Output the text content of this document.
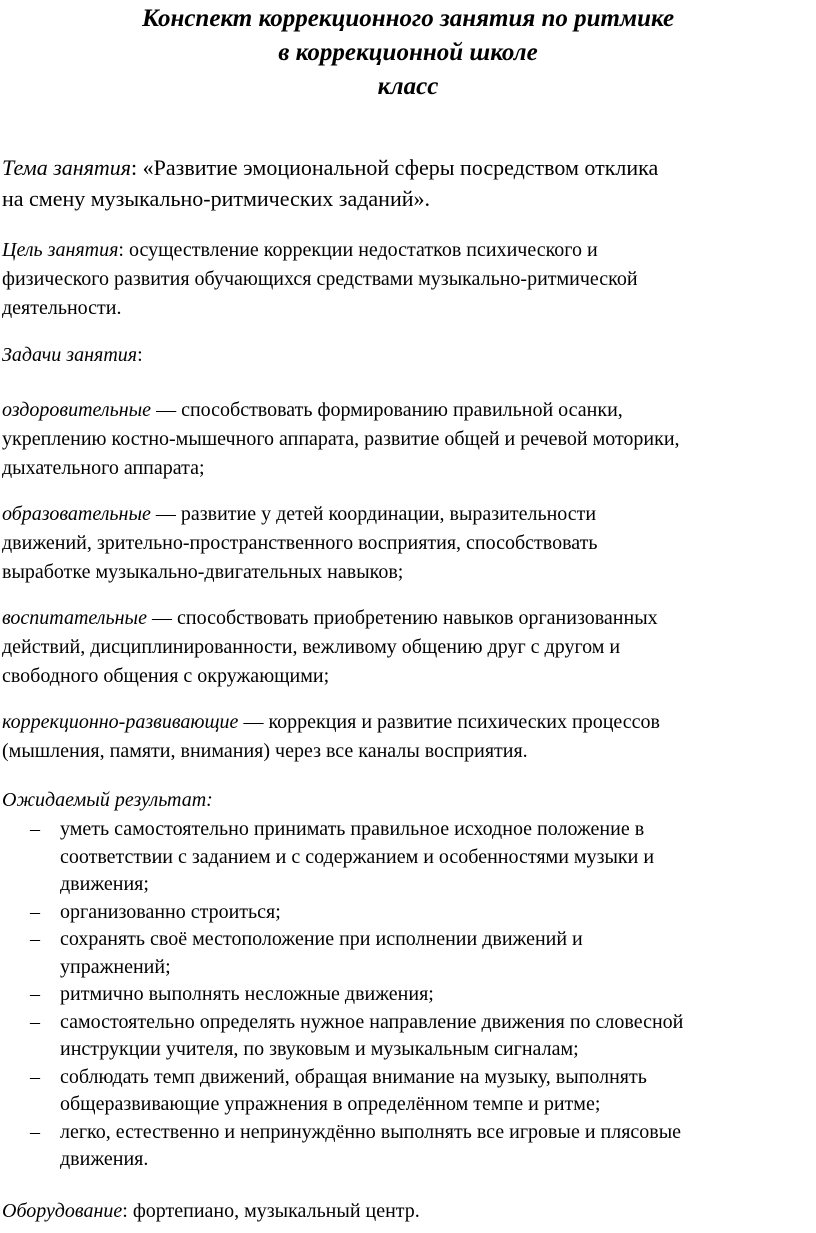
Конспект коррекционного занятия по ритмике
в коррекционной школе
класс
Тема занятия: «Развитие эмоциональной сферы посредством отклика
на смену музыкально-ритмических заданий».
Цель занятия: осуществление коррекции недостатков психического и
физического развития обучающихся средствами музыкально-ритмической
деятельности.
Задачи занятия:
оздоровительные — способствовать формированию правильной осанки,
укреплению костно-мышечного аппарата, развитие общей и речевой моторики,
дыхательного аппарата;
образовательные — развитие у детей координации, выразительности
движений, зрительно-пространственного восприятия, способствовать
выработке музыкально-двигательных навыков;
воспитательные — способствовать приобретению навыков организованных
действий, дисциплинированности, вежливому общению друг с другом и
свободного общения с окружающими;
коррекционно-развивающие — коррекция и развитие психических процессов
(мышления, памяти, внимания) через все каналы восприятия.
Ожидаемый результат:
– уметь самостоятельно принимать правильное исходное положение в
соответствии с заданием и с содержанием и особенностями музыки и
движения;
– организованно строиться;
– сохранять своё местоположение при исполнении движений и
упражнений;
– ритмично выполнять несложные движения;
– самостоятельно определять нужное направление движения по словесной
инструкции учителя, по звуковым и музыкальным сигналам;
– соблюдать темп движений, обращая внимание на музыку, выполнять
общеразвивающие упражнения в определённом темпе и ритме;
– легко, естественно и непринуждённо выполнять все игровые и плясовые
движения.
Оборудование: фортепиано, музыкальный центр.
